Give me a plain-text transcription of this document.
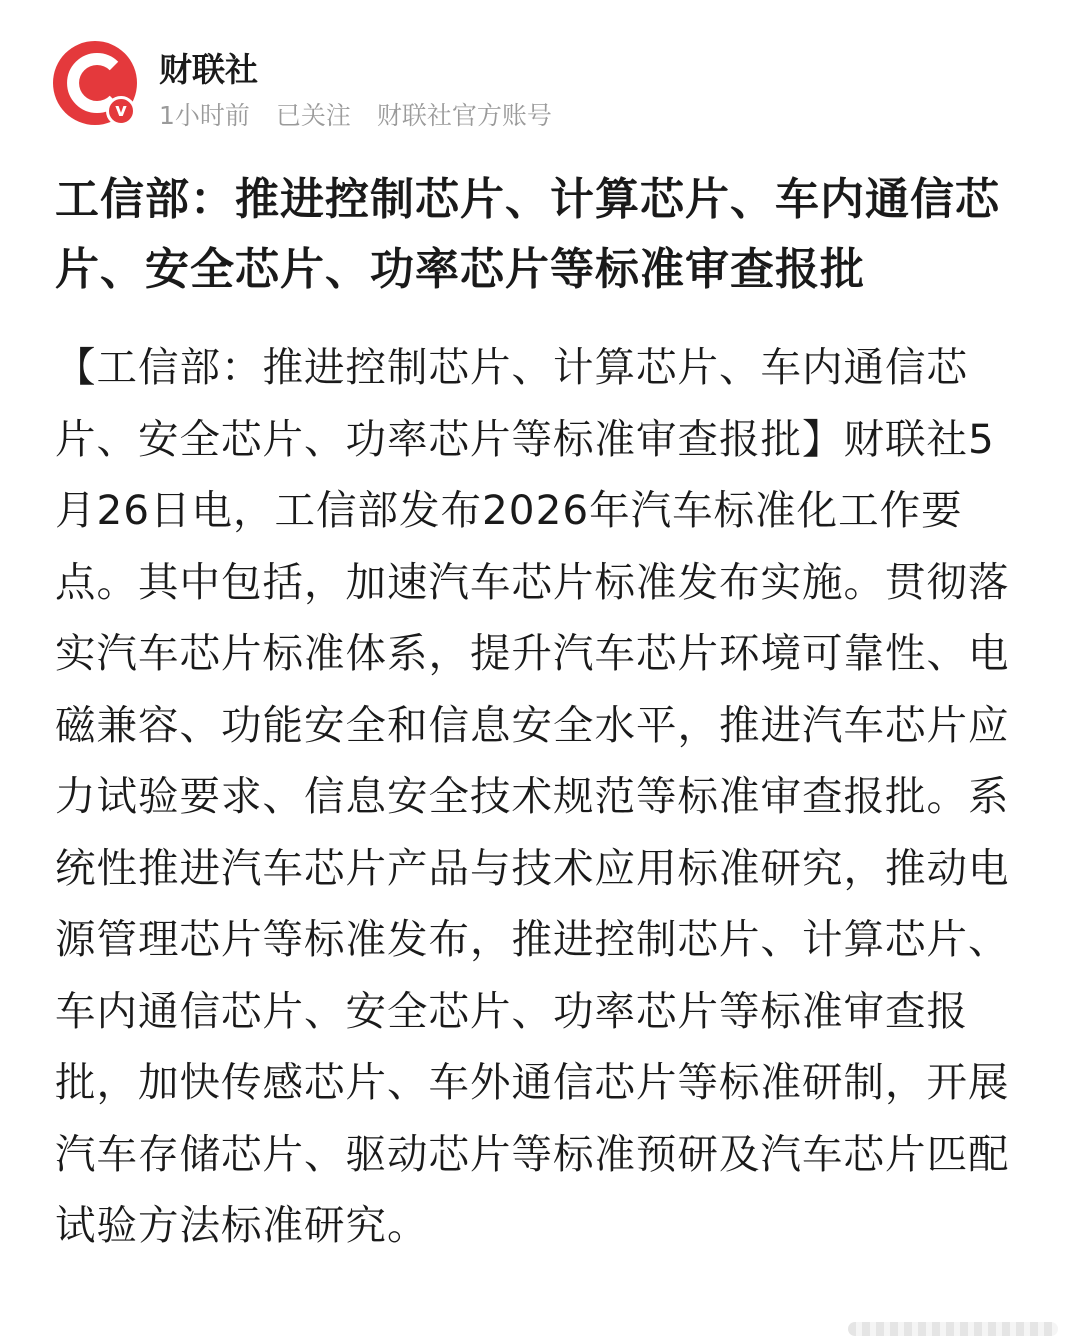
v
财联社
1小时前 已关注 财联社官方账号
工信部：推进控制芯片、计算芯片、车内通信芯片、安全芯片、功率芯片等标准审查报批

【工信部：推进控制芯片、计算芯片、车内通信芯片、安全芯片、功率芯片等标准审查报批】财联社5月26日电，工信部发布2026年汽车标准化工作要点。其中包括，加速汽车芯片标准发布实施。贯彻落实汽车芯片标准体系，提升汽车芯片环境可靠性、电磁兼容、功能安全和信息安全水平，推进汽车芯片应力试验要求、信息安全技术规范等标准审查报批。系统性推进汽车芯片产品与技术应用标准研究，推动电源管理芯片等标准发布，推进控制芯片、计算芯片、车内通信芯片、安全芯片、功率芯片等标准审查报批，加快传感芯片、车外通信芯片等标准研制，开展汽车存储芯片、驱动芯片等标准预研及汽车芯片匹配试验方法标准研究。
